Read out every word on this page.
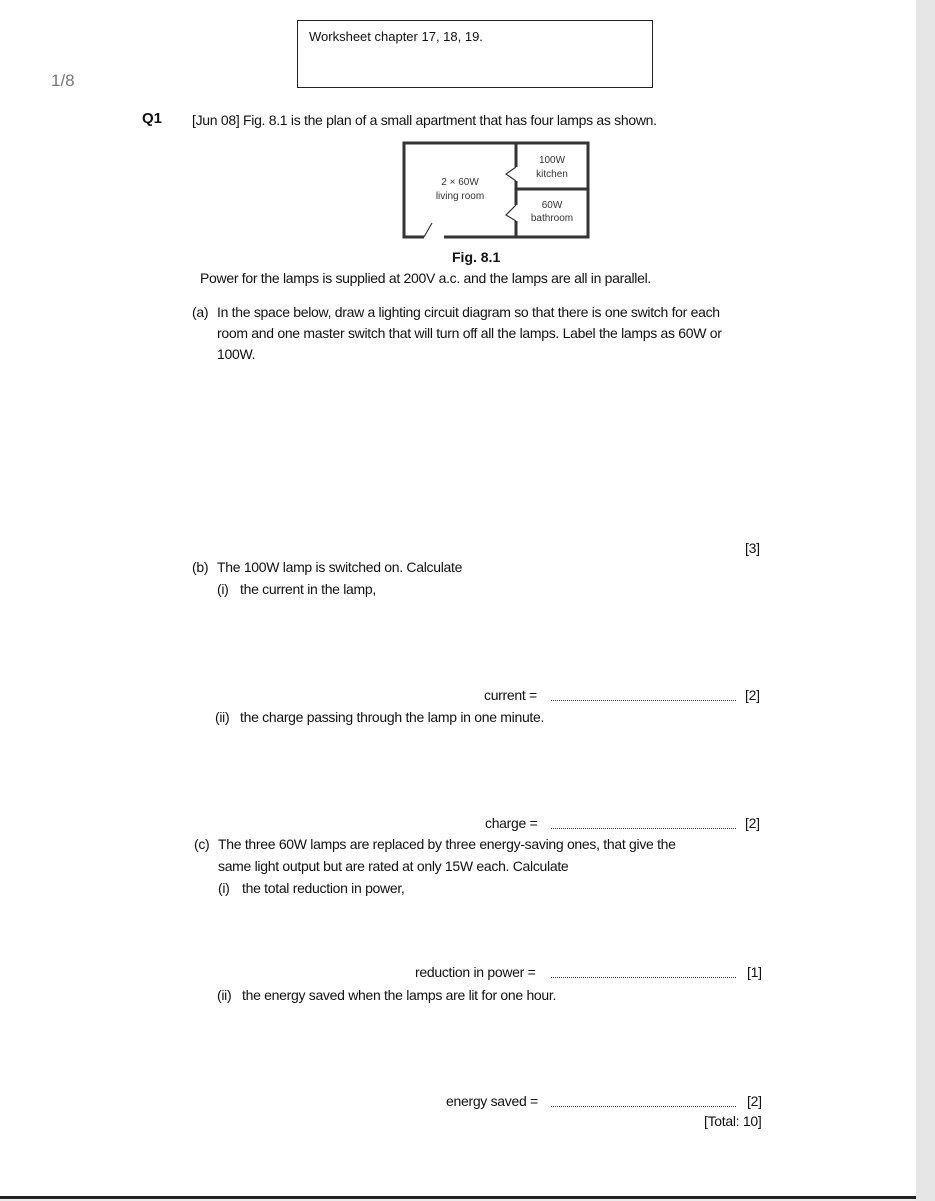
Worksheet chapter 17, 18, 19.
1/8
Q1 [Jun 08] Fig. 8.1 is the plan of a small apartment that has four lamps as shown.
2 × 60W
living room
100W
kitchen
60W
bathroom
Fig. 8.1
Power for the lamps is supplied at 200V a.c. and the lamps are all in parallel.
(a) In the space below, draw a lighting circuit diagram so that there is one switch for each
room and one master switch that will turn off all the lamps. Label the lamps as 60W or
100W.
[3]
(b) The 100W lamp is switched on. Calculate
(i) the current in the lamp,
current =	[2]
(ii) the charge passing through the lamp in one minute.
charge =	[2]
(c) The three 60W lamps are replaced by three energy-saving ones, that give the
same light output but are rated at only 15W each. Calculate
(i) the total reduction in power,
reduction in power =	[1]
(ii) the energy saved when the lamps are lit for one hour.
energy saved =	[2]
[Total: 10]
